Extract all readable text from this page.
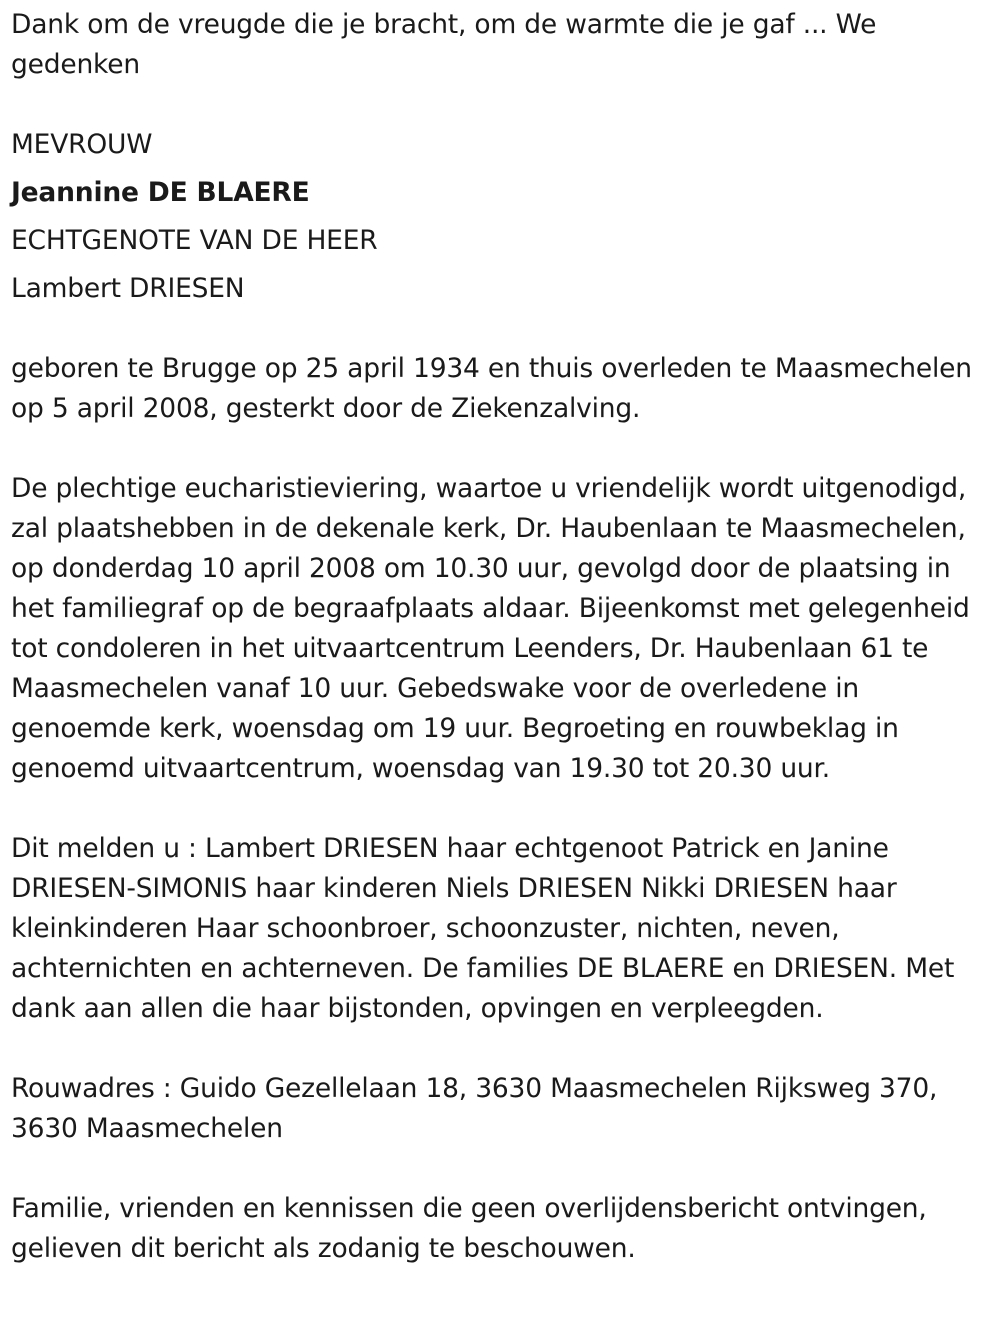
Dank om de vreugde die je bracht, om de warmte die je gaf ... We gedenken

MEVROUW

Jeannine DE BLAERE

ECHTGENOTE VAN DE HEER

Lambert DRIESEN

geboren te Brugge op 25 april 1934 en thuis overleden te Maasmechelen op 5 april 2008, gesterkt door de Ziekenzalving.

De plechtige eucharistieviering, waartoe u vriendelijk wordt uitgenodigd, zal plaatshebben in de dekenale kerk, Dr. Haubenlaan te Maasmechelen, op donderdag 10 april 2008 om 10.30 uur, gevolgd door de plaatsing in het familiegraf op de begraafplaats aldaar. Bijeenkomst met gelegenheid tot condoleren in het uitvaartcentrum Leenders, Dr. Haubenlaan 61 te Maasmechelen vanaf 10 uur. Gebedswake voor de overledene in genoemde kerk, woensdag om 19 uur. Begroeting en rouwbeklag in genoemd uitvaartcentrum, woensdag van 19.30 tot 20.30 uur.

Dit melden u : Lambert DRIESEN haar echtgenoot Patrick en Janine DRIESEN-SIMONIS haar kinderen Niels DRIESEN Nikki DRIESEN haar kleinkinderen Haar schoonbroer, schoonzuster, nichten, neven, achternichten en achterneven. De families DE BLAERE en DRIESEN. Met dank aan allen die haar bijstonden, opvingen en verpleegden.

Rouwadres : Guido Gezellelaan 18, 3630 Maasmechelen Rijksweg 370, 3630 Maasmechelen

Familie, vrienden en kennissen die geen overlijdensbericht ontvingen, gelieven dit bericht als zodanig te beschouwen.
